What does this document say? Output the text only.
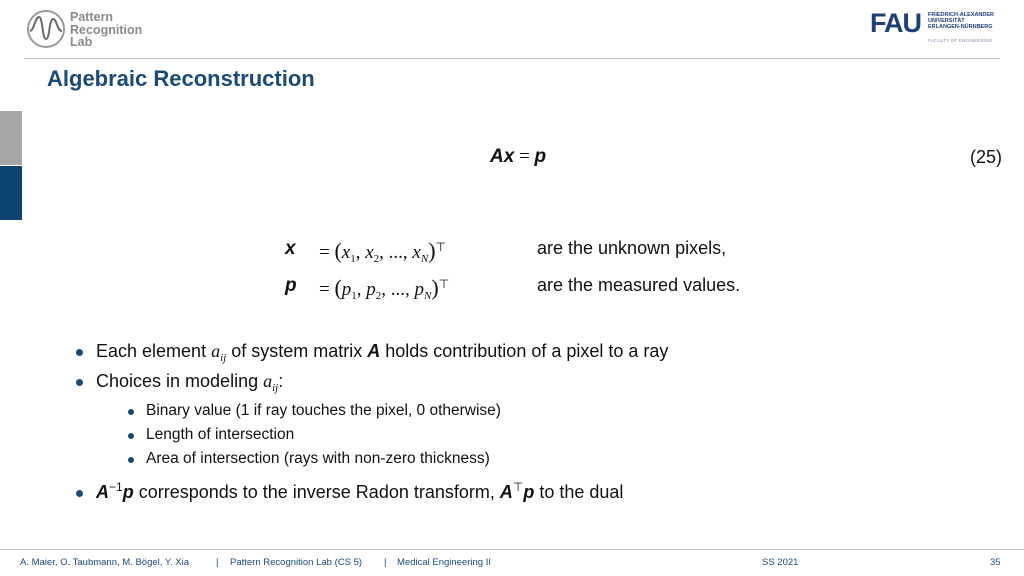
Pattern
Recognition
Lab
FAU FRIEDRICH-ALEXANDER
UNIVERSITÄT
ERLANGEN-NÜRNBERG
FACULTY OF ENGINEERING
Algebraic Reconstruction
Ax = p	(25)
$x = (x_1$, $x_2$, ..., $x_N)^⊤$	are the unknown pixels,
$p = (p_1$, $p_2$, ..., $p_N)^⊤$	are the measured values.
Each element $a_{ij}$ of system matrix A holds contribution of a pixel to a ray
Choices in modeling $a_{ij}$:
Binary value (1 if ray touches the pixel, 0 otherwise)
Length of intersection
Area of intersection (rays with non-zero thickness)
$A^{-1}p$ corresponds to the inverse Radon transform, A⊤p to the dual
A. Maier, O. Taubmann, M. Bögel, Y. Xia	| Pattern Recognition Lab (CS 5) | Medical Engineering II	SS 2021	35
